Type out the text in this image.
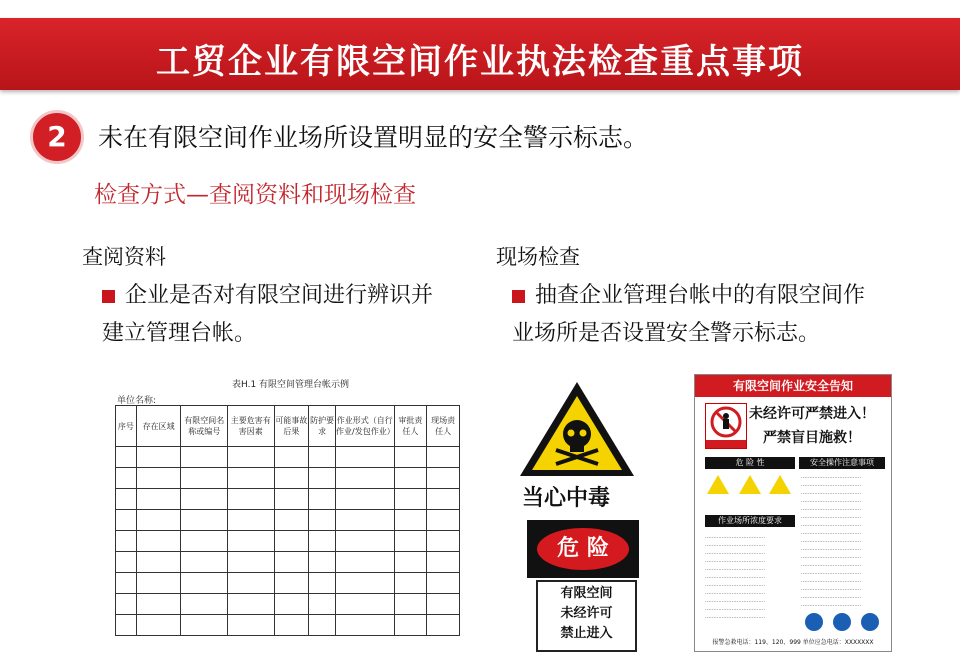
工贸企业有限空间作业执法检查重点事项
2	未在有限空间作业场所设置明显的安全警示标志。
检查方式—查阅资料和现场检查
查阅资料
企业是否对有限空间进行辨识并
建立管理台帐。
现场检查
抽查企业管理台帐中的有限空间作
业场所是否设置安全警示标志。
表H.1 有限空间管理台帐示例
单位名称:
序号	存在区域	有限空间名称或编号	主要危害有害因素	可能事故后果	防护要求	作业形式（自行作业/发包作业）	审批责任人	现场责任人

当心中毒
危 险
有限空间
未经许可
禁止进入
有限空间作业安全告知
未经许可严禁进入！
严禁盲目施救！
危 险 性	安全操作注意事项
作业场所浓度要求
………………………………
………………………………
………………………………
………………………………
………………………………
………………………………
………………………………
………………………………
………………………………
………………………………
………………………………
………………………………
………………………………
………………………………
………………………………
………………………………
………………………………
………………………………
………………………………
………………………………
………………………………
………………………………
………………………………
………………………………
………………………………
………………………………
………………………………
………………………………
报警急救电话：119、120、999 单位应急电话：XXXXXXX
